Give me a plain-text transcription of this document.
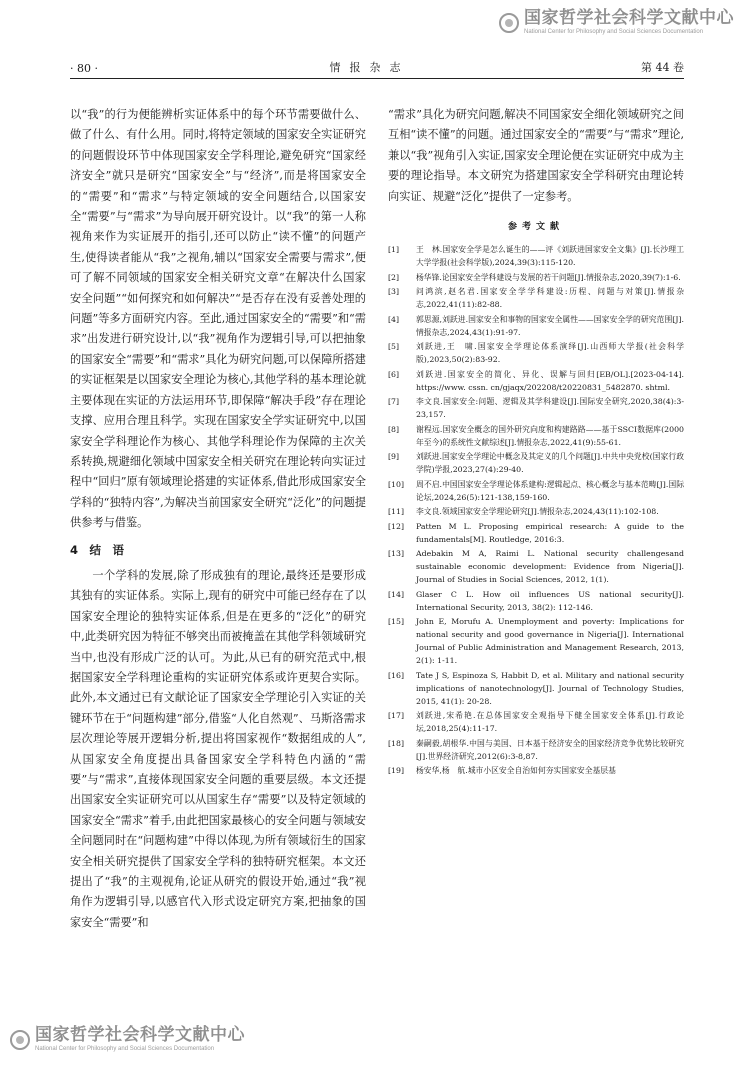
国家哲学社会科学文献中心
National Center for Philosophy and Social Sciences Documentation
· 80 ·	情报杂志	第 44 卷

以“我”的行为便能辨析实证体系中的每个环节需要做什么、做了什么、有什么用。同时,将特定领域的国家安全实证研究的问题假设环节中体现国家安全学科理论,避免研究“国家经济安全”就只是研究“国家安全”与“经济”,而是将国家安全的“需要”和“需求”与特定领域的安全问题结合,以国家安全“需要”与“需求”为导向展开研究设计。以“我”的第一人称视角来作为实证展开的指引,还可以防止“读不懂”的问题产生,使得读者能从“我”之视角,辅以“国家安全需要与需求”,便可了解不同领域的国家安全相关研究文章“在解决什么国家安全问题”“如何探究和如何解决”“是否存在没有妥善处理的问题”等多方面研究内容。至此,通过国家安全的“需要”和“需求”出发进行研究设计,以“我”视角作为逻辑引导,可以把抽象的国家安全“需要”和“需求”具化为研究问题,可以保障所搭建的实证框架是以国家安全理论为核心,其他学科的基本理论就主要体现在实证的方法运用环节,即保障“解决手段”存在理论支撑、应用合理且科学。实现在国家安全学实证研究中,以国家安全学科理论作为核心、其他学科理论作为保障的主次关系转换,规避细化领域中国家安全相关研究在理论转向实证过程中“回归”原有领域理论搭建的实证体系,借此形成国家安全学科的“独特内容”,为解决当前国家安全研究“泛化”的问题提供参考与借鉴。

4　结　语

一个学科的发展,除了形成独有的理论,最终还是要形成其独有的实证体系。实际上,现有的研究中可能已经存在了以国家安全理论的独特实证体系,但是在更多的“泛化”的研究中,此类研究因为特征不够突出而被掩盖在其他学科领域研究当中,也没有形成广泛的认可。为此,从已有的研究范式中,根据国家安全学科理论重构的实证研究体系或许更契合实际。此外,本文通过已有文献论证了国家安全学理论引入实证的关键环节在于“问题构建”部分,借鉴“人化自然观”、马斯洛需求层次理论等展开逻辑分析,提出将国家视作“数据组成的人”,从国家安全角度提出具备国家安全学科特色内涵的“需要”与“需求”,直接体现国家安全问题的重要层级。本文还提出国家安全实证研究可以从国家生存“需要”以及特定领域的国家安全“需求”着手,由此把国家最核心的安全问题与领域安全问题同时在“问题构建”中得以体现,为所有领域衍生的国家安全相关研究提供了国家安全学科的独特研究框架。本文还提出了“我”的主观视角,论证从研究的假设开始,通过“我”视角作为逻辑引导,以感官代入形式设定研究方案,把抽象的国家安全“需要”和

“需求”具化为研究问题,解决不同国家安全细化领域研究之间互相“读不懂”的问题。通过国家安全的“需要”与“需求”理论,兼以“我”视角引入实证,国家安全理论便在实证研究中成为主要的理论指导。本文研究为搭建国家安全学科研究由理论转向实证、规避“泛化”提供了一定参考。

参考文献
[1]	王　林.国家安全学是怎么诞生的——评《刘跃进国家安全文集》[J].长沙理工大学学报(社会科学版),2024,39(3):115-120.
[2]	杨华锋.论国家安全学科建设与发展的若干问题[J].情报杂志,2020,39(7):1-6.
[3]	问鸿滨,赵名君.国家安全学学科建设:历程、问题与对策[J].情报杂志,2022,41(11):82-88.
[4]	郭思源,刘跃进.国家安全和事物的国家安全属性——国家安全学的研究范围[J].情报杂志,2024,43(1):91-97.
[5]	刘跃进,王　啸.国家安全学理论体系演绎[J].山西师大学报(社会科学版),2023,50(2):83-92.
[6]	刘跃进.国家安全的简化、异化、误解与回归[EB/OL].[2023-04-14]. https://www. cssn. cn/gjaqx/202208/t20220831_5482870. shtml.
[7]	李文良.国家安全:问题、逻辑及其学科建设[J].国际安全研究,2020,38(4):3-23,157.
[8]	谢程远.国家安全概念的国外研究向度和构建路路——基于SSCI数据库(2000年至今)的系统性文献综述[J].情报杂志,2022,41(9):55-61.
[9]	刘跃进.国家安全学理论中概念及其定义的几个问题[J].中共中央党校(国家行政学院)学报,2023,27(4):29-40.
[10]	周不启.中国国家安全学理论体系建构:逻辑起点、核心概念与基本范畴[J].国际论坛,2024,26(5):121-138,159-160.
[11]	李文良.领域国家安全学理论研究[J].情报杂志,2024,43(11):102-108.
[12]	Patten M L. Proposing empirical research: A guide to the fundamentals[M]. Routledge, 2016:3.
[13]	Adebakin M A, Raimi L. National security challengesand sustainable economic development: Evidence from Nigeria[J]. Journal of Studies in Social Sciences, 2012, 1(1).
[14]	Glaser C L. How oil influences US national security[J]. International Security, 2013, 38(2): 112-146.
[15]	John E, Morufu A. Unemployment and poverty: Implications for national security and good governance in Nigeria[J]. International Journal of Public Administration and Management Research, 2013, 2(1): 1-11.
[16]	Tate J S, Espinoza S, Habbit D, et al. Military and national security implications of nanotechnology[J]. Journal of Technology Studies, 2015, 41(1): 20-28.
[17]	刘跃进,宋希艳.在总体国家安全观指导下健全国家安全体系[J].行政论坛,2018,25(4):11-17.
[18]	秦嗣毅,胡根华.中国与美国、日本基于经济安全的国家经济竞争优势比较研究[J].世界经济研究,2012(6):3-8,87.
[19]	杨安华,杨　航.城市小区安全自治如何夯实国家安全基层基
国家哲学社会科学文献中心
National Center for Philosophy and Social Sciences Documentation
